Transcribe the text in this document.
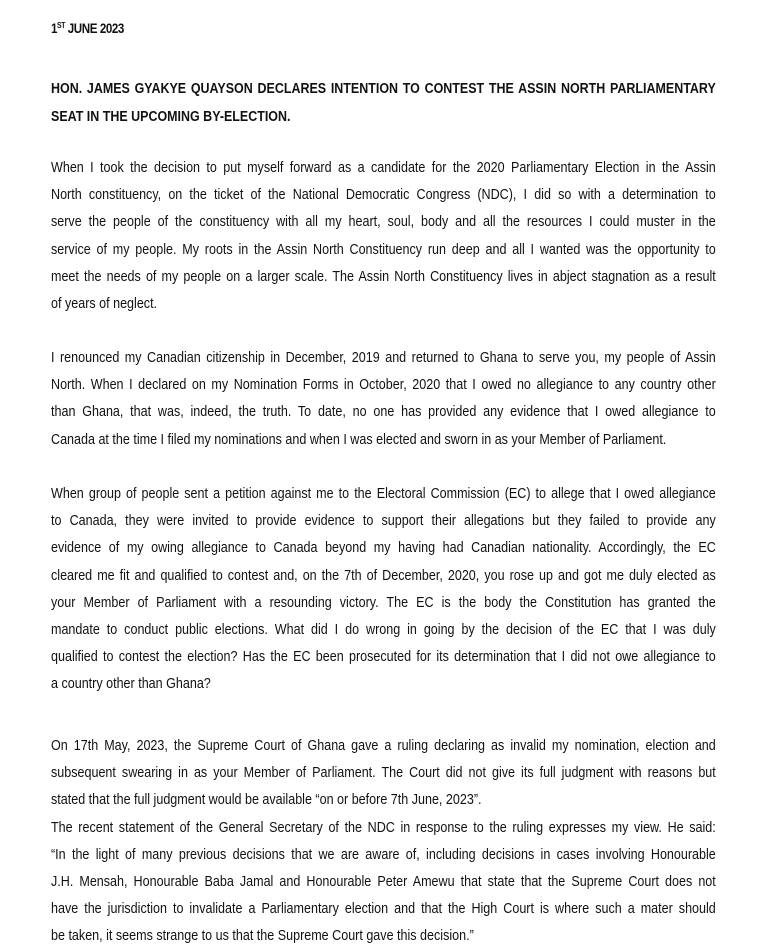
1ST JUNE 2023
HON. JAMES GYAKYE QUAYSON DECLARES INTENTION TO CONTEST THE ASSIN NORTH PARLIAMENTARY SEAT IN THE UPCOMING BY-ELECTION.
When I took the decision to put myself forward as a candidate for the 2020 Parliamentary Election in the Assin
North constituency, on the ticket of the National Democratic Congress (NDC), I did so with a determination to
serve the people of the constituency with all my heart, soul, body and all the resources I could muster in the
service of my people. My roots in the Assin North Constituency run deep and all I wanted was the opportunity to
meet the needs of my people on a larger scale. The Assin North Constituency lives in abject stagnation as a result
of years of neglect.
I renounced my Canadian citizenship in December, 2019 and returned to Ghana to serve you, my people of Assin
North. When I declared on my Nomination Forms in October, 2020 that I owed no allegiance to any country other
than Ghana, that was, indeed, the truth. To date, no one has provided any evidence that I owed allegiance to
Canada at the time I filed my nominations and when I was elected and sworn in as your Member of Parliament.
When group of people sent a petition against me to the Electoral Commission (EC) to allege that I owed allegiance
to Canada, they were invited to provide evidence to support their allegations but they failed to provide any
evidence of my owing allegiance to Canada beyond my having had Canadian nationality. Accordingly, the EC
cleared me fit and qualified to contest and, on the 7th of December, 2020, you rose up and got me duly elected as
your Member of Parliament with a resounding victory. The EC is the body the Constitution has granted the
mandate to conduct public elections. What did I do wrong in going by the decision of the EC that I was duly
qualified to contest the election? Has the EC been prosecuted for its determination that I did not owe allegiance to
a country other than Ghana?
On 17th May, 2023, the Supreme Court of Ghana gave a ruling declaring as invalid my nomination, election and
subsequent swearing in as your Member of Parliament. The Court did not give its full judgment with reasons but
stated that the full judgment would be available “on or before 7th June, 2023”.
The recent statement of the General Secretary of the NDC in response to the ruling expresses my view. He said:
“In the light of many previous decisions that we are aware of, including decisions in cases involving Honourable
J.H. Mensah, Honourable Baba Jamal and Honourable Peter Amewu that state that the Supreme Court does not
have the jurisdiction to invalidate a Parliamentary election and that the High Court is where such a mater should
be taken, it seems strange to us that the Supreme Court gave this decision.”
